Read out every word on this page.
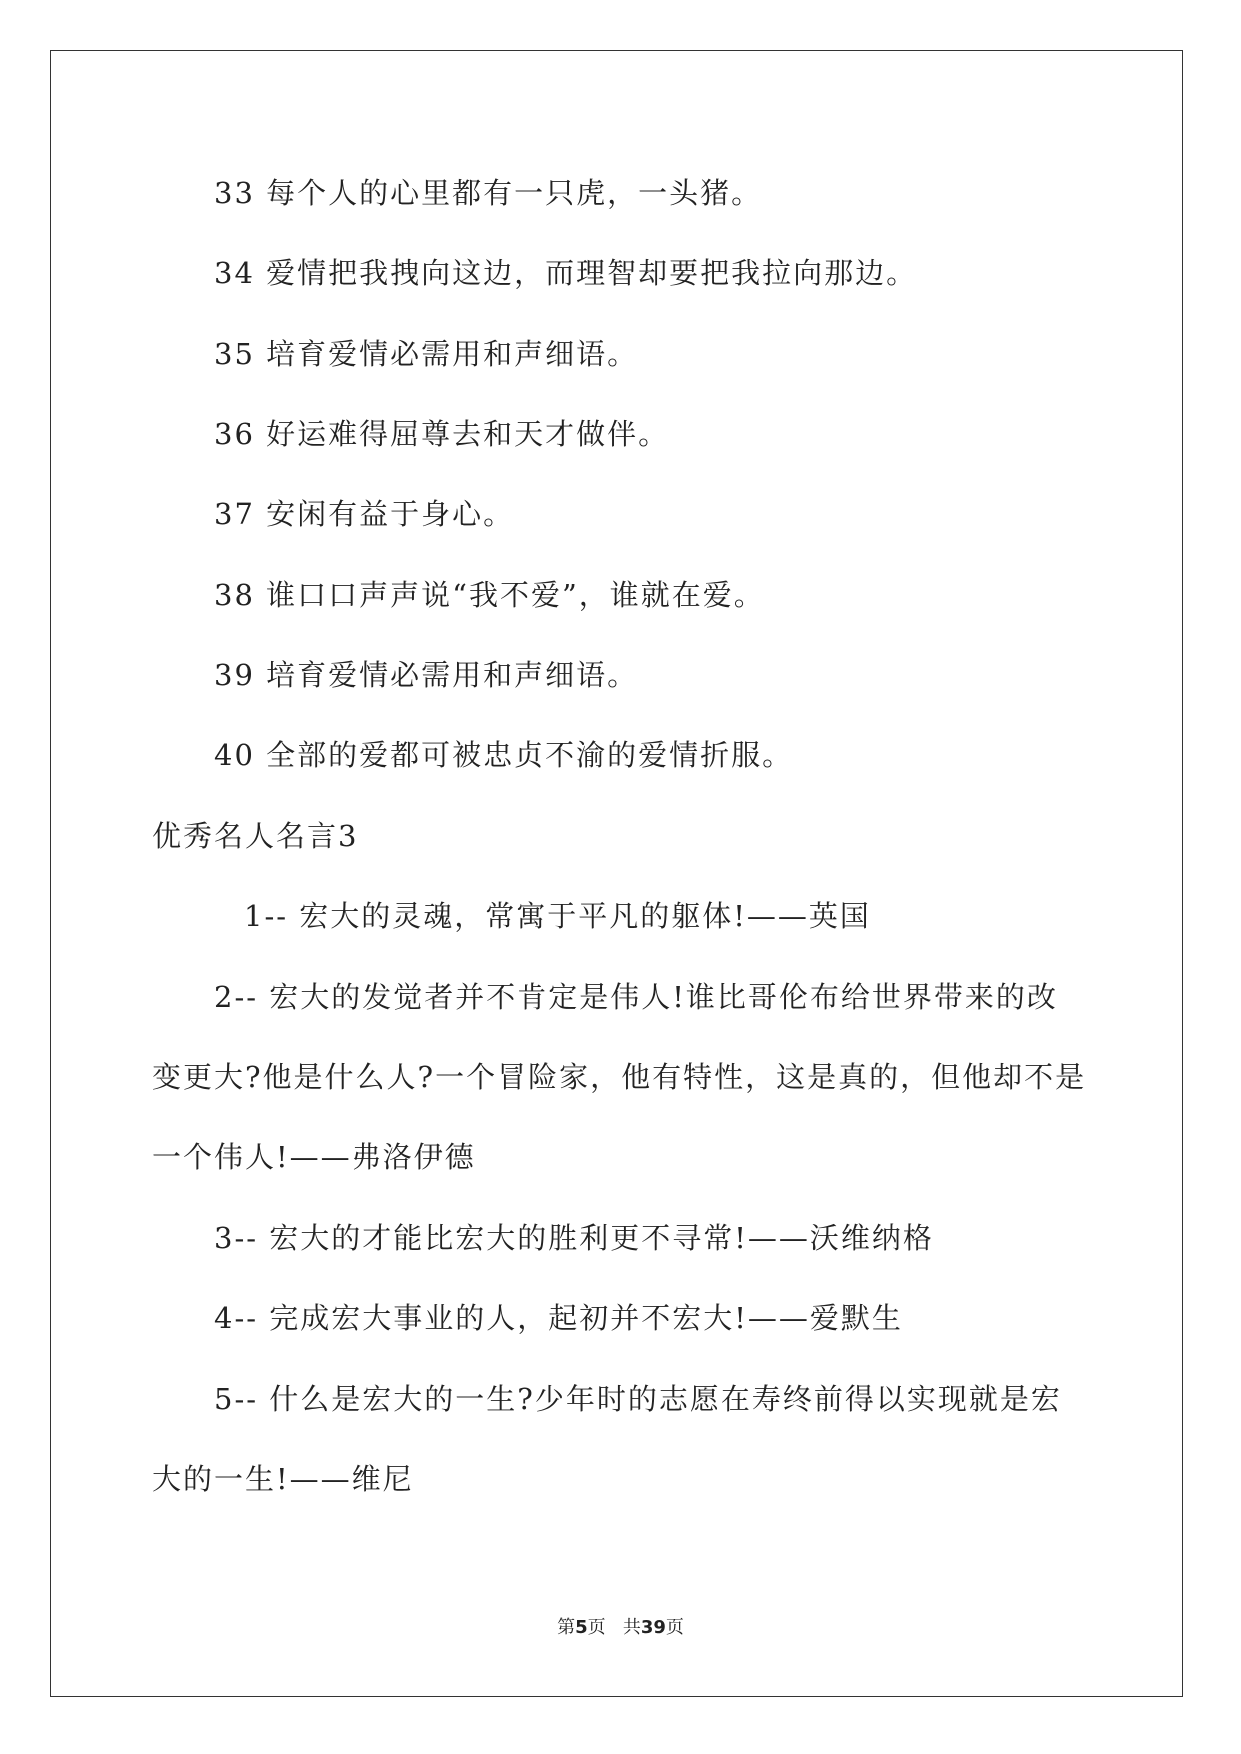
33 每个人的心里都有一只虎，一头猪。
34 爱情把我拽向这边，而理智却要把我拉向那边。
35 培育爱情必需用和声细语。
36 好运难得屈尊去和天才做伴。
37 安闲有益于身心。
38 谁口口声声说“我不爱”，谁就在爱。
39 培育爱情必需用和声细语。
40 全部的爱都可被忠贞不渝的爱情折服。
优秀名人名言3
1-- 宏大的灵魂，常寓于平凡的躯体!——英国
2-- 宏大的发觉者并不肯定是伟人!谁比哥伦布给世界带来的改
变更大?他是什么人?一个冒险家，他有特性，这是真的，但他却不是
一个伟人!——弗洛伊德
3-- 宏大的才能比宏大的胜利更不寻常!——沃维纳格
4-- 完成宏大事业的人，起初并不宏大!——爱默生
5-- 什么是宏大的一生?少年时的志愿在寿终前得以实现就是宏
大的一生!——维尼
第5页 共39页
